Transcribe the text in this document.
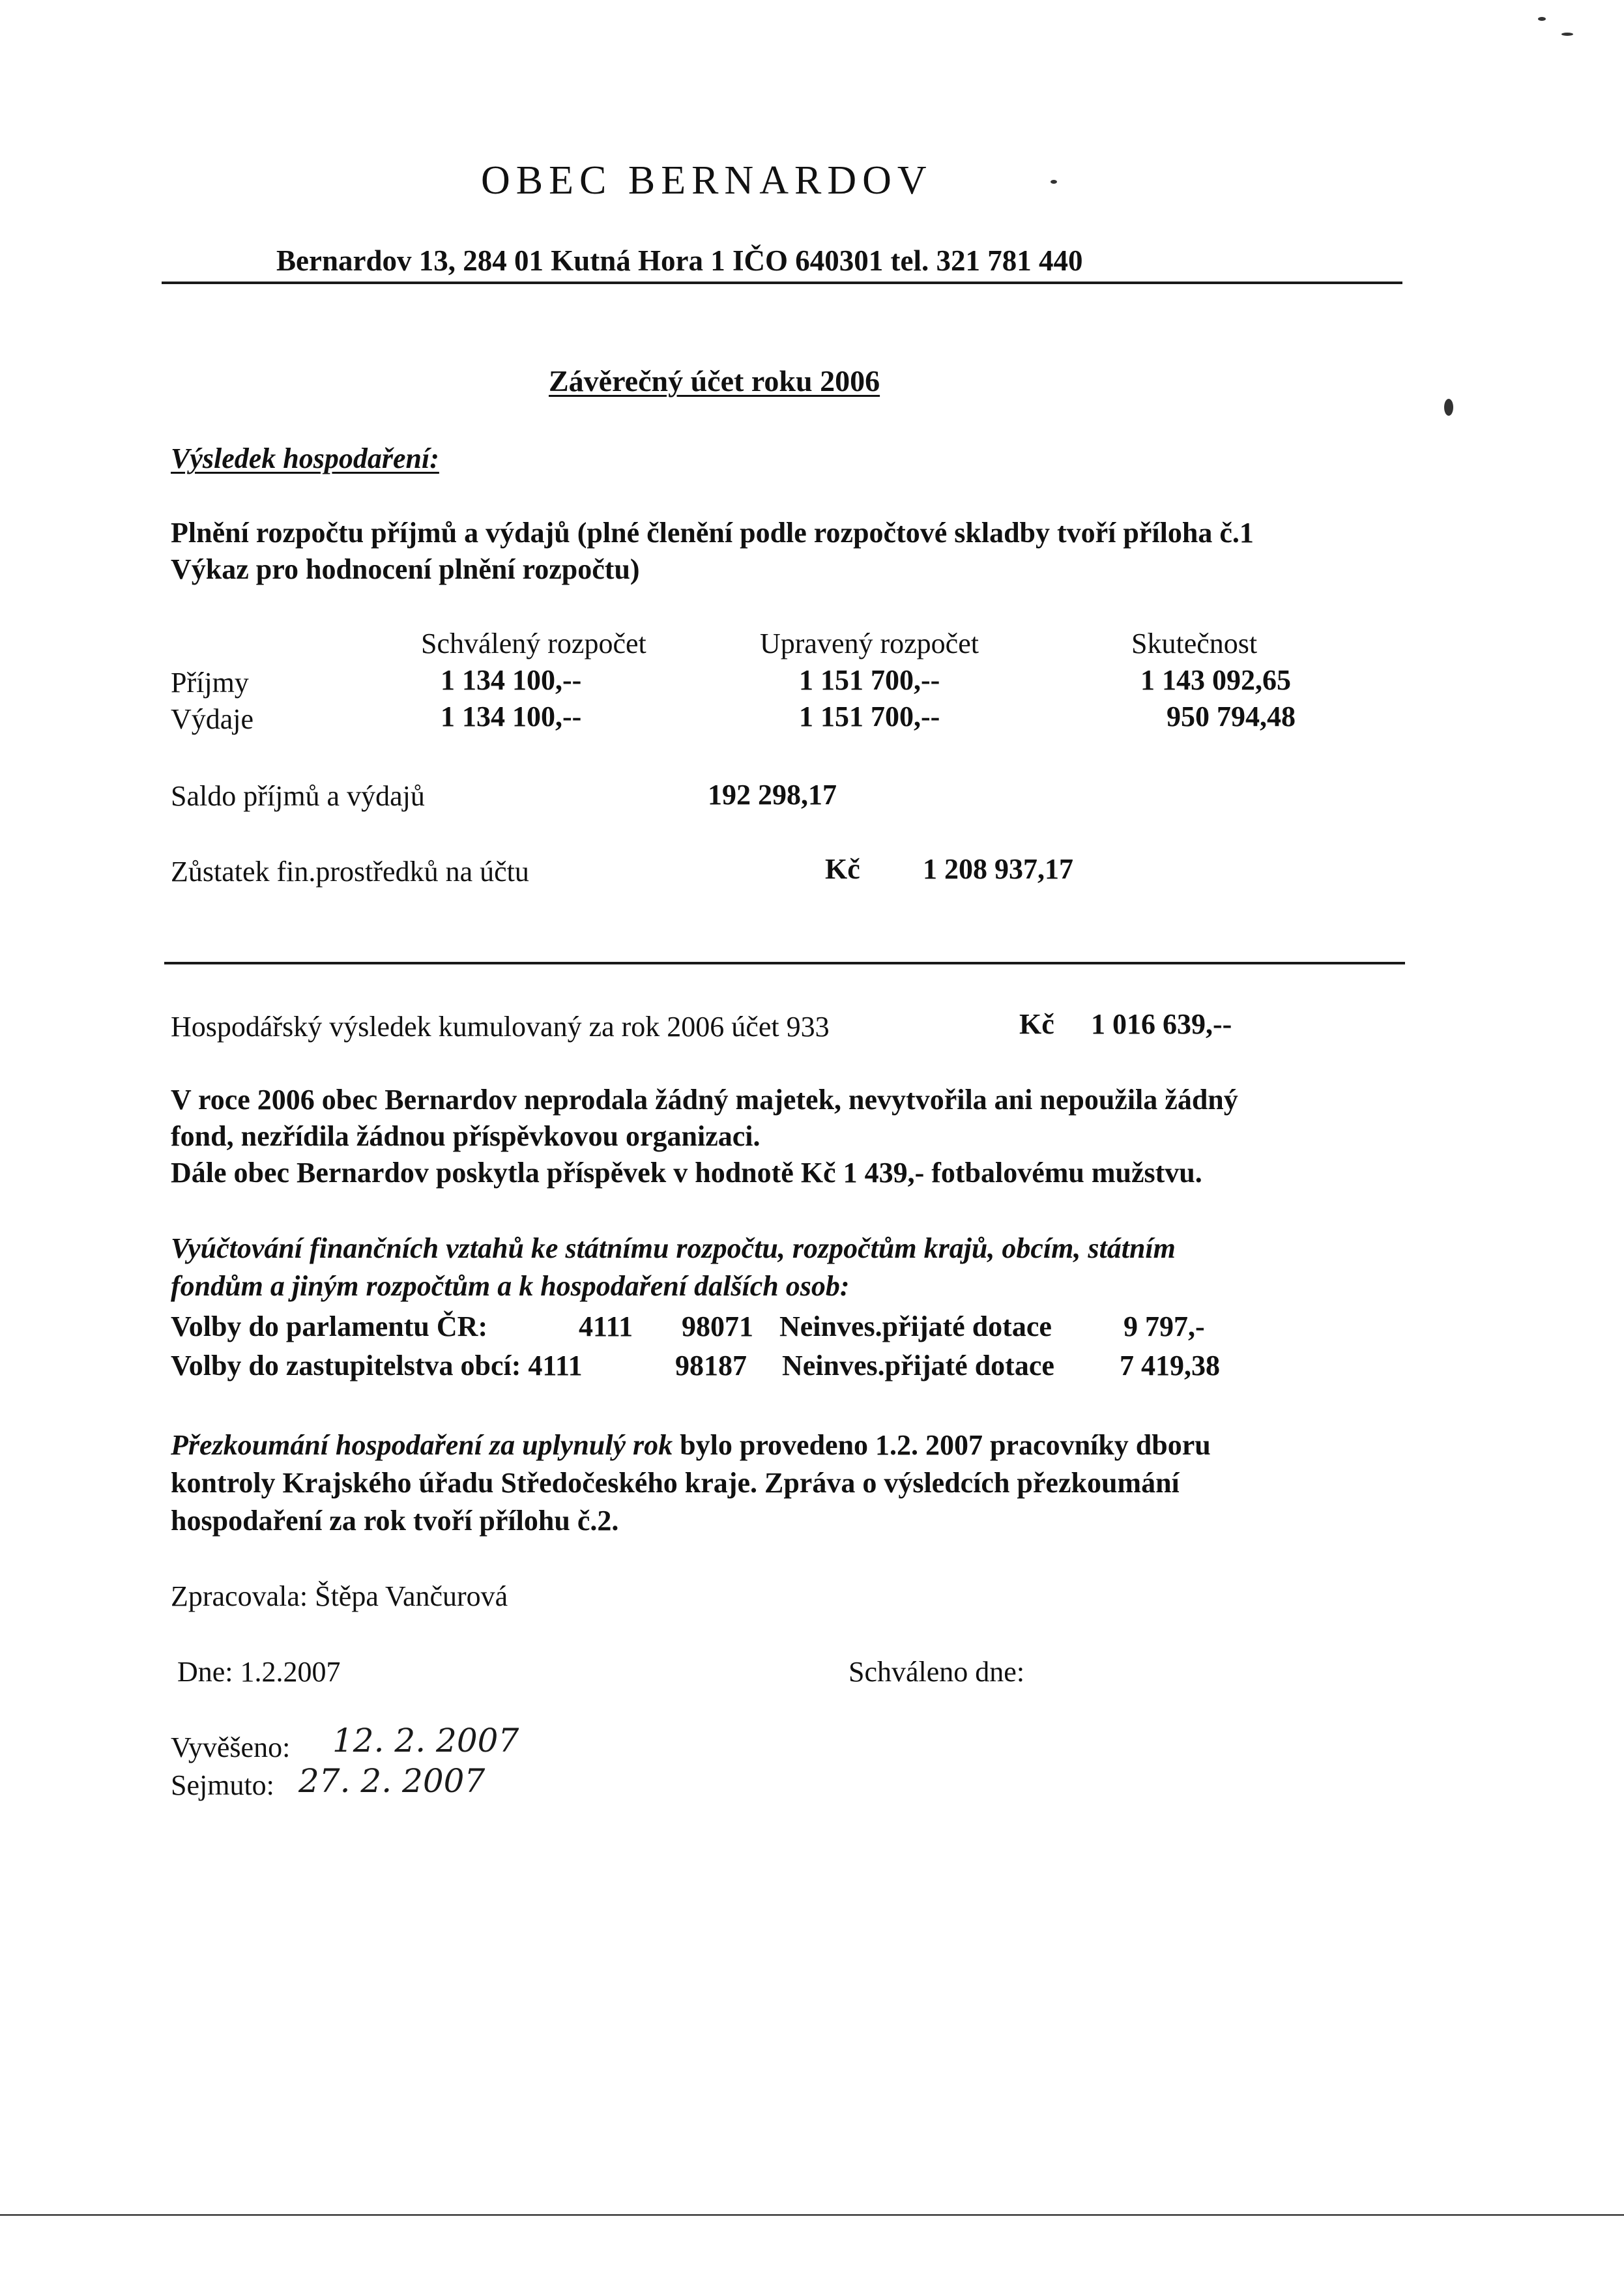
OBEC BERNARDOV
Bernardov 13, 284 01 Kutná Hora 1 IČO 640301 tel. 321 781 440
Závěrečný účet roku 2006
Výsledek hospodaření:
Plnění rozpočtu příjmů a výdajů (plné členění podle rozpočtové skladby tvoří příloha č.1
Výkaz pro hodnocení plnění rozpočtu)
Schválený rozpočet	Upravený rozpočet	Skutečnost
Příjmy	1 134 100,--	1 151 700,--	1 143 092,65
Výdaje	1 134 100,--	1 151 700,--	950 794,48
Saldo příjmů a výdajů	192 298,17
Zůstatek fin.prostředků na účtu	Kč 1 208 937,17
Hospodářský výsledek kumulovaný za rok 2006 účet 933	Kč 1 016 639,--
V roce 2006 obec Bernardov neprodala žádný majetek, nevytvořila ani nepoužila žádný
fond, nezřídila žádnou příspěvkovou organizaci.
Dále obec Bernardov poskytla příspěvek v hodnotě Kč 1 439,- fotbalovému mužstvu.
Vyúčtování finančních vztahů ke státnímu rozpočtu, rozpočtům krajů, obcím, státním
fondům a jiným rozpočtům a k hospodaření dalších osob:
Volby do parlamentu ČR:	4111 98071 Neinves.přijaté dotace	9 797,-
Volby do zastupitelstva obcí: 4111	98187 Neinves.přijaté dotace 7 419,38
Přezkoumání hospodaření za uplynulý rok bylo provedeno 1.2. 2007 pracovníky dboru
kontroly Krajského úřadu Středočeského kraje. Zpráva o výsledcích přezkoumání
hospodaření za rok tvoří přílohu č.2.
Zpracovala: Štěpa Vančurová
Dne: 1.2.2007	Schváleno dne:
Vyvěšeno: 12. 2. 2007
Sejmuto: 27. 2. 2007
